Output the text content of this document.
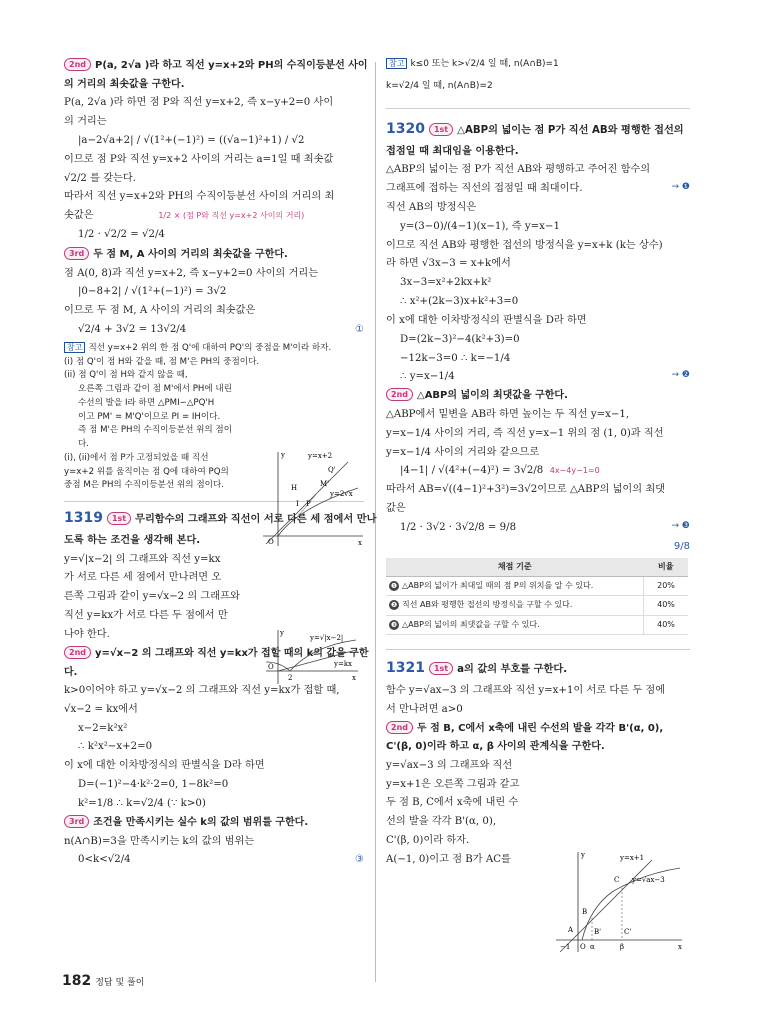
2nd P(a, 2√a )라 하고 직선 y=x+2와 PH의 수직이등분선 사이
의 거리의 최솟값을 구한다.
P(a, 2√a )라 하면 점 P와 직선 y=x+2, 즉 x−y+2=0 사이
의 거리는
|a−2√a+2| / √(1²+(−1)²) = ((√a−1)²+1) / √2
이므로 점 P와 직선 y=x+2 사이의 거리는 a=1일 때 최솟값
√2/2 를 갖는다.
따라서 직선 y=x+2와 PH의 수직이등분선 사이의 거리의 최
솟값은	1/2 × (점 P와 직선 y=x+2 사이의 거리)
1/2 · √2/2 = √2/4
3rd 두 점 M, A 사이의 거리의 최솟값을 구한다.
점 A(0, 8)과 직선 y=x+2, 즉 x−y+2=0 사이의 거리는
|0−8+2| / √(1²+(−1)²) = 3√2
이므로 두 점 M, A 사이의 거리의 최솟값은
√2/4 + 3√2 = 13√2/4	①
참고 직선 y=x+2 위의 한 점 Q'에 대하여 PQ'의 중점을 M'이라 하자.
(i) 점 Q'이 점 H와 같을 때, 점 M'은 PH의 중점이다.
(ii) 점 Q'이 점 H와 같지 않을 때,
오른쪽 그림과 같이 점 M'에서 PH에 내린
수선의 발을 I라 하면 △PMI∽△PQ'H
이고 PM' = M'Q'이므로 PI = IH이다.
즉 점 M'은 PH의 수직이등분선 위의 점이
다.
(i), (ii)에서 점 P가 고정되었을 때 직선
y=x+2 위를 움직이는 점 Q에 대하여 PQ의
중점 M은 PH의 수직이등분선 위의 점이다.
1319 1st 무리함수의 그래프와 직선이 서로 다른 세 점에서 만나
도록 하는 조건을 생각해 본다.
y=√|x−2| 의 그래프와 직선 y=kx
가 서로 다른 세 점에서 만나려면 오
른쪽 그림과 같이 y=√x−2 의 그래프와
직선 y=kx가 서로 다른 두 점에서 만
나야 한다.
2nd y=√x−2 의 그래프와 직선 y=kx가 접할 때의 k의 값을 구한
다.
k>0이어야 하고 y=√x−2 의 그래프와 직선 y=kx가 접할 때,
√x−2 = kx에서
x−2=k²x²
∴ k²x²−x+2=0
이 x에 대한 이차방정식의 판별식을 D라 하면
D=(−1)²−4·k²·2=0, 1−8k²=0
k²=1/8 ∴ k=√2/4 (∵ k>0)
3rd 조건을 만족시키는 실수 k의 값의 범위를 구한다.
n(A∩B)=3을 만족시키는 k의 값의 범위는
0<k<√2/4	③
y=x+2
Q'
H	M'
I P
y=2√x
O	x
y
y
y=√|x−2|
y=kx
O
2	x
참고 k≤0 또는 k>√2/4 일 때, n(A∩B)=1
k=√2/4 일 때, n(A∩B)=2
1320 1st △ABP의 넓이는 점 P가 직선 AB와 평행한 접선의
접점일 때 최대임을 이용한다.
△ABP의 넓이는 점 P가 직선 AB와 평행하고 주어진 함수의
그래프에 접하는 직선의 접점일 때 최대이다.	→ ❶
직선 AB의 방정식은
y=(3−0)/(4−1)(x−1), 즉 y=x−1
이므로 직선 AB와 평행한 접선의 방정식을 y=x+k (k는 상수)
라 하면 √3x−3 = x+k에서
3x−3=x²+2kx+k²
∴ x²+(2k−3)x+k²+3=0
이 x에 대한 이차방정식의 판별식을 D라 하면
D=(2k−3)²−4(k²+3)=0
−12k−3=0 ∴ k=−1/4
∴ y=x−1/4	→ ❷
2nd △ABP의 넓이의 최댓값을 구한다.
△ABP에서 밑변을 AB라 하면 높이는 두 직선 y=x−1,
y=x−1/4 사이의 거리, 즉 직선 y=x−1 위의 점 (1, 0)과 직선
y=x−1/4 사이의 거리와 같으므로
|4−1| / √(4²+(−4)²) = 3√2/8 4x−4y−1=0
따라서 AB=√((4−1)²+3²)=3√2이므로 △ABP의 넓이의 최댓
값은
1/2 · 3√2 · 3√2/8 = 9/8	→ ❸
9/8
채점 기준	비율
❶ △ABP의 넓이가 최대일 때의 점 P의 위치를 알 수 있다.	20%
❷ 직선 AB와 평행한 접선의 방정식을 구할 수 있다.	40%
❸ △ABP의 넓이의 최댓값을 구할 수 있다.	40%
1321 1st a의 값의 부호를 구한다.
함수 y=√ax−3 의 그래프와 직선 y=x+1이 서로 다른 두 점에
서 만나려면 a>0
2nd 두 점 B, C에서 x축에 내린 수선의 발을 각각 B'(α, 0),
C'(β, 0)이라 하고 α, β 사이의 관계식을 구한다.
y=√ax−3 의 그래프와 직선
y=x+1은 오른쪽 그림과 같고
두 점 B, C에서 x축에 내린 수
선의 발을 각각 B'(α, 0),
C'(β, 0)이라 하자.
A(−1, 0)이고 점 B가 AC를	y	y=x+1
C y=√ax−3
B
A	B'	C'
−1 O α	β	x
182 정답 및 풀이
